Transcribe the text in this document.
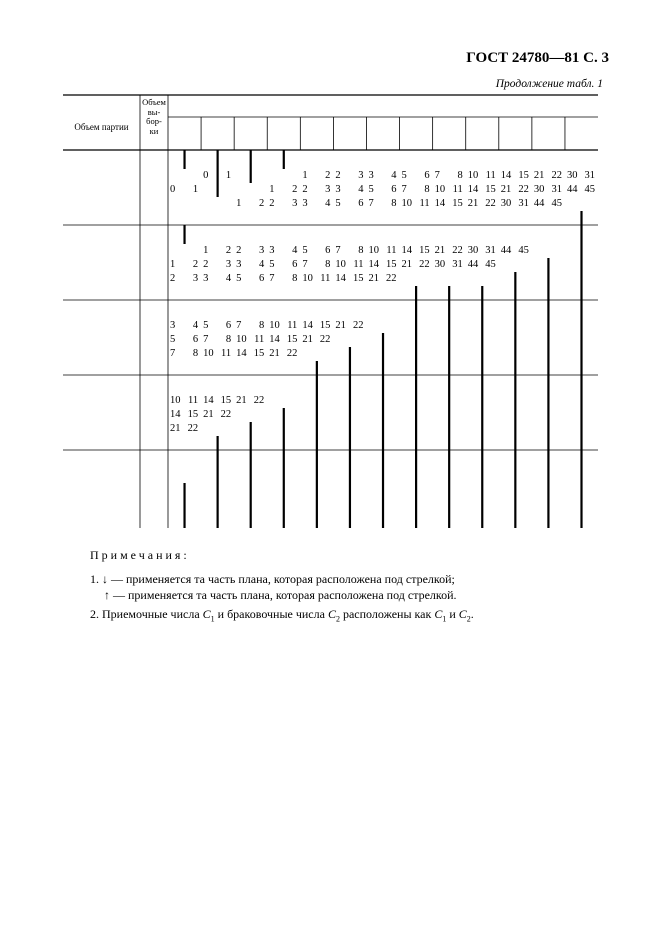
ГОСТ 24780—81 С. 3
Продолжение табл. 1
Объем партии
Объем
вы-
бор-
ки
0 1	1 2 2 3 3 4 5 6 7 8 10 11 14 15 21 22 30 31
0 1	1 2 2 3 3 4 5 6 7 8 10 11 14 15 21 22 30 31 44 45
1 2 2 3 3 4 5 6 7 8 10 11 14 15 21 22 30 31 44 45
1 2 2 3 3 4 5 6 7 8 10 11 14 15 21 22 30 31 44 45
1 2 2 3 3 4 5 6 7 8 10 11 14 15 21 22 30 31 44 45
2 3 3 4 5 6 7 8 10 11 14 15 21 22
3 4 5 6 7 8 10 11 14 15 21 22
5 6 7 8 10 11 14 15 21 22
7 8 10 11 14 15 21 22
10 11 14 15 21 22
14 15 21 22
21 22
Примечания:
1. ↓ — применяется та часть плана, которая расположена под стрелкой;
↑ — применяется та часть плана, которая расположена под стрелкой.
2. Приемочные числа $C_1$ и браковочные числа $C_2$ расположены как $C_1$ и $C_2$.
